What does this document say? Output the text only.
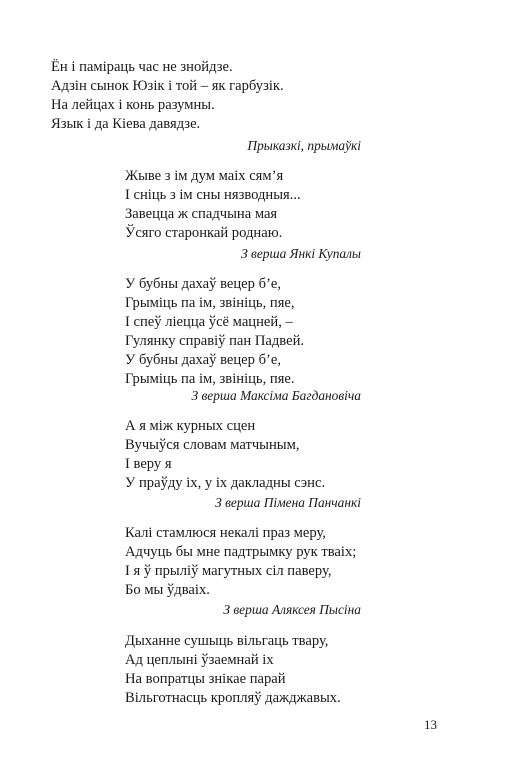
Ён і паміраць час не знойдзе.
Адзін сынок Юзік і той – як гарбузік.
На лейцах і конь разумны.
Язык і да Кіева давядзе.
Прыказкі, прымаўкі
Жыве з ім дум маіх сям’я
І сніць з ім сны нязводныя...
Завецца ж спадчына мая
Ўсяго старонкай роднаю.
З верша Янкі Купалы
У бубны дахаў вецер б’е,
Грыміць па ім, звініць, пяе,
І спеў ліецца ўсё мацней, –
Гулянку справіў пан Падвей.
У бубны дахаў вецер б’е,
Грыміць па ім, звініць, пяе.
З верша Максіма Багдановіча
А я між курных сцен
Вучыўся словам матчыным,
І веру я
У праўду іх, у іх дакладны сэнс.
З верша Пімена Панчанкі
Калі стамлюся некалі праз меру,
Адчуць бы мне падтрымку рук тваіх;
І я ў прыліў магутных сіл паверу,
Бо мы ўдваіх.
З верша Аляксея Пысіна
Дыханне сушыць вільгаць твару,
Ад цеплыні ўзаемнай іх
На вопратцы знікае парай
Вільготнасць кропляў дажджавых.
13
